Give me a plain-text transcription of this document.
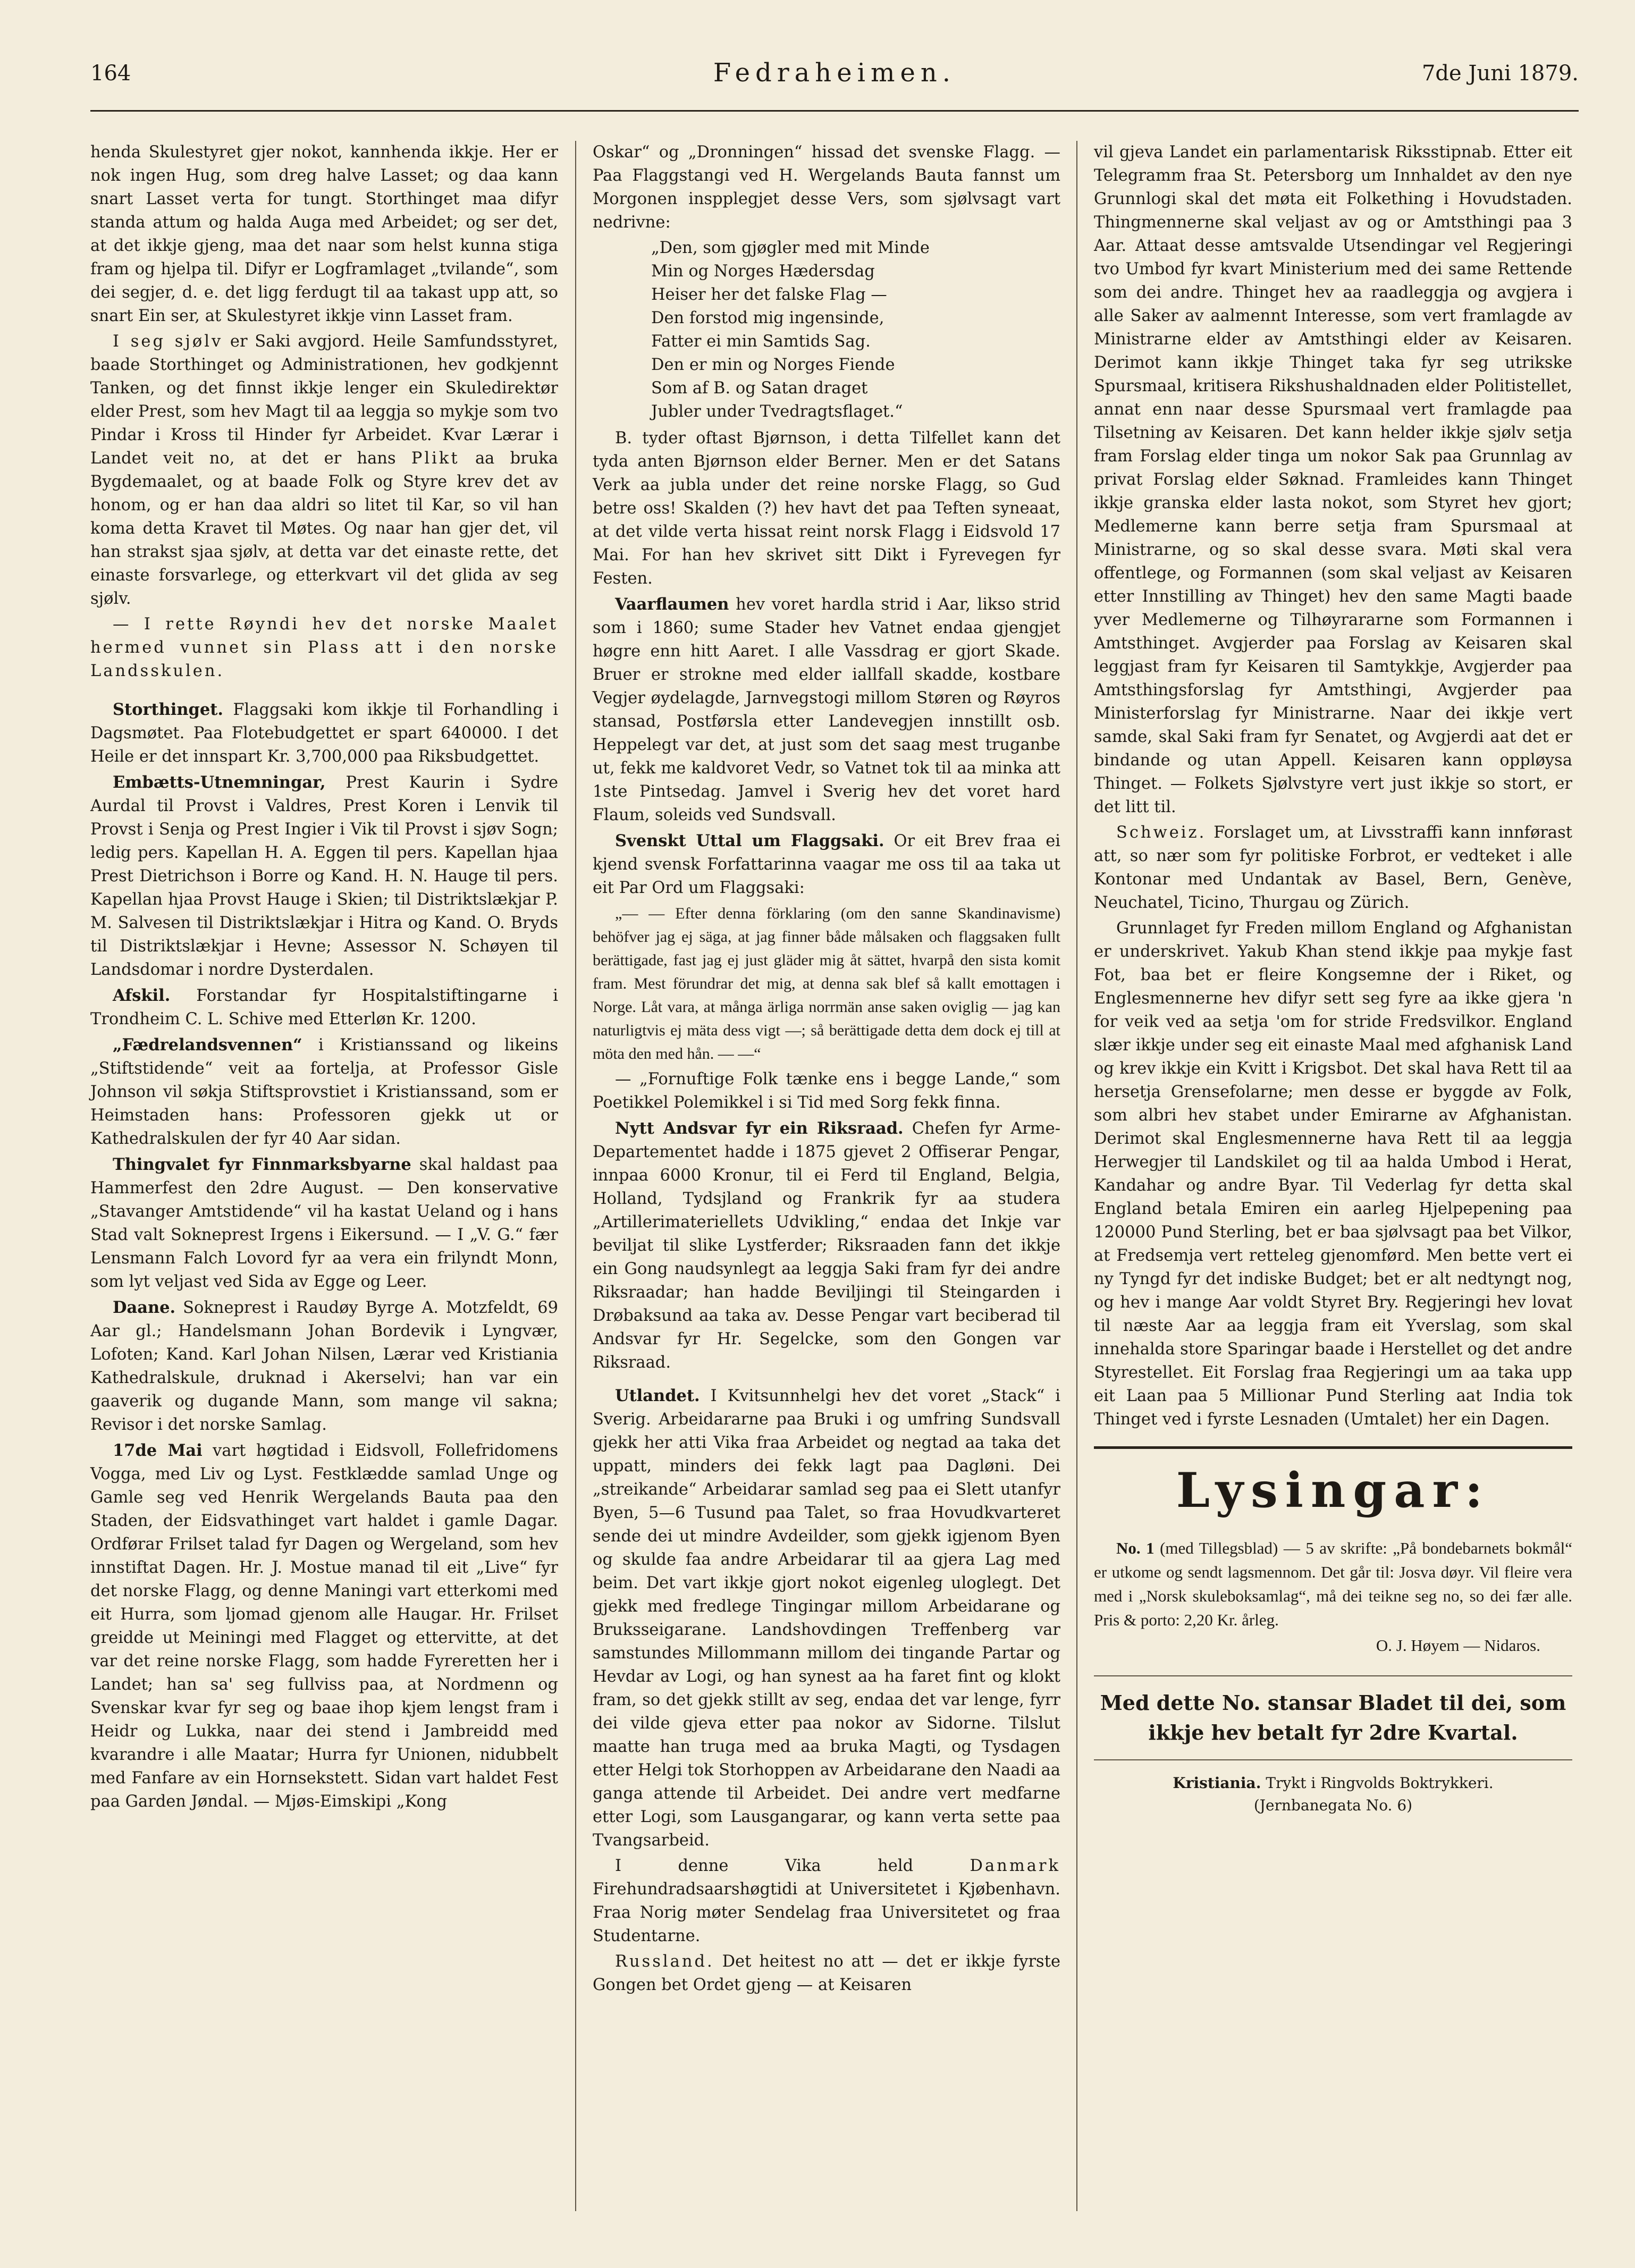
164	Fedraheimen.	7de Juni 1879.

henda Skulestyret gjer nokot, kannhenda ikkje. Her er nok ingen Hug, som dreg halve Lasset; og daa kann snart Lasset verta for tungt. Storthinget maa difyr standa attum og halda Auga med Arbeidet; og ser det, at det ikkje gjeng, maa det naar som helst kunna stiga fram og hjelpa til. Difyr er Logframlaget „tvilande“, som dei segjer, d. e. det ligg ferdugt til aa takast upp att, so snart Ein ser, at Skulestyret ikkje vinn Lasset fram.

I seg sjølv er Saki avgjord. Heile Samfundsstyret, baade Storthinget og Administrationen, hev godkjennt Tanken, og det finnst ikkje lenger ein Skuledirektør elder Prest, som hev Magt til aa leggja so mykje som tvo Pindar i Kross til Hinder fyr Arbeidet. Kvar Lærar i Landet veit no, at det er hans Plikt aa bruka Bygdemaalet, og at baade Folk og Styre krev det av honom, og er han daa aldri so litet til Kar, so vil han koma detta Kravet til Møtes. Og naar han gjer det, vil han strakst sjaa sjølv, at detta var det einaste rette, det einaste forsvarlege, og etterkvart vil det glida av seg sjølv.

— I rette Røyndi hev det norske Maalet hermed vunnet sin Plass att i den norske Landsskulen.

Storthinget. Flaggsaki kom ikkje til Forhandling i Dagsmøtet. Paa Flotebudgettet er spart 640000. I det Heile er det innspart Kr. 3,700,000 paa Riksbudgettet.

Embætts-Utnemningar, Prest Kaurin i Sydre Aurdal til Provst i Valdres, Prest Koren i Lenvik til Provst i Senja og Prest Ingier i Vik til Provst i sjøv Sogn; ledig pers. Kapellan H. A. Eggen til pers. Kapellan hjaa Prest Dietrichson i Borre og Kand. H. N. Hauge til pers. Kapellan hjaa Provst Hauge i Skien; til Distriktslækjar P. M. Salvesen til Distriktslækjar i Hitra og Kand. O. Bryds til Distriktslækjar i Hevne; Assessor N. Schøyen til Landsdomar i nordre Dysterdalen.

Afskil. Forstandar fyr Hospitalstiftingarne i Trondheim C. L. Schive med Etterløn Kr. 1200.

„Fædrelandsvennen“ i Kristianssand og likeins „Stiftstidende“ veit aa fortelja, at Professor Gisle Johnson vil søkja Stiftsprovstiet i Kristianssand, som er Heimstaden hans: Professoren gjekk ut or Kathedralskulen der fyr 40 Aar sidan.

Thingvalet fyr Finnmarksbyarne skal haldast paa Hammerfest den 2dre August. — Den konservative „Stavanger Amtstidende“ vil ha kastat Ueland og i hans Stad valt Sokneprest Irgens i Eikersund. — I „V. G.“ fær Lensmann Falch Lovord fyr aa vera ein frilyndt Monn, som lyt veljast ved Sida av Egge og Leer.

Daane. Sokneprest i Raudøy Byrge A. Motzfeldt, 69 Aar gl.; Handelsmann Johan Bordevik i Lyngvær, Lofoten; Kand. Karl Johan Nilsen, Lærar ved Kristiania Kathedralskule, druknad i Akerselvi; han var ein gaaverik og dugande Mann, som mange vil sakna; Revisor i det norske Samlag.

17de Mai vart høgtidad i Eidsvoll, Follefridomens Vogga, med Liv og Lyst. Festklædde samlad Unge og Gamle seg ved Henrik Wergelands Bauta paa den Staden, der Eidsvathinget vart haldet i gamle Dagar. Ordførar Frilset talad fyr Dagen og Wergeland, som hev innstiftat Dagen. Hr. J. Mostue manad til eit „Live“ fyr det norske Flagg, og denne Maningi vart etterkomi med eit Hurra, som ljomad gjenom alle Haugar. Hr. Frilset greidde ut Meiningi med Flagget og ettervitte, at det var det reine norske Flagg, som hadde Fyreretten her i Landet; han sa' seg fullviss paa, at Nordmenn og Svenskar kvar fyr seg og baae ihop kjem lengst fram i Heidr og Lukka, naar dei stend i Jambreidd med kvarandre i alle Maatar; Hurra fyr Unionen, nidubbelt med Fanfare av ein Hornsekstett. Sidan vart haldet Fest paa Garden Jøndal. — Mjøs-Eimskipi „Kong

Oskar“ og „Dronningen“ hissad det svenske Flagg. — Paa Flaggstangi ved H. Wergelands Bauta fannst um Morgonen inspplegjet desse Vers, som sjølvsagt vart nedrivne:

„Den, som gjøgler med mit Minde
Min og Norges Hædersdag
Heiser her det falske Flag —
Den forstod mig ingensinde,
Fatter ei min Samtids Sag.
Den er min og Norges Fiende
Som af B. og Satan draget
Jubler under Tvedragtsflaget.“

B. tyder oftast Bjørnson, i detta Tilfellet kann det tyda anten Bjørnson elder Berner. Men er det Satans Verk aa jubla under det reine norske Flagg, so Gud betre oss! Skalden (?) hev havt det paa Teften syneaat, at det vilde verta hissat reint norsk Flagg i Eidsvold 17 Mai. For han hev skrivet sitt Dikt i Fyrevegen fyr Festen.

Vaarflaumen hev voret hardla strid i Aar, likso strid som i 1860; sume Stader hev Vatnet endaa gjengjet høgre enn hitt Aaret. I alle Vassdrag er gjort Skade. Bruer er strokne med elder iallfall skadde, kostbare Vegjer øydelagde, Jarnvegstogi millom Støren og Røyros stansad, Postførsla etter Landevegjen innstillt osb. Heppelegt var det, at just som det saag mest truganbe ut, fekk me kaldvoret Vedr, so Vatnet tok til aa minka att 1ste Pintsedag. Jamvel i Sverig hev det voret hard Flaum, soleids ved Sundsvall.

Svenskt Uttal um Flaggsaki. Or eit Brev fraa ei kjend svensk Forfattarinna vaagar me oss til aa taka ut eit Par Ord um Flaggsaki:

„— — Efter denna förklaring (om den sanne Skandinavisme) behöfver jag ej säga, at jag finner både målsaken och flaggsaken fullt berättigade, fast jag ej just gläder mig åt sättet, hvarpå den sista komit fram. Mest förundrar det mig, at denna sak blef så kallt emottagen i Norge. Låt vara, at många ärliga norrmän anse saken oviglig — jag kan naturligtvis ej mäta dess vigt —; så berättigade detta dem dock ej till at möta den med hån. — —“

— „Fornuftige Folk tænke ens i begge Lande,“ som Poetikkel Polemikkel i si Tid med Sorg fekk finna.

Nytt Andsvar fyr ein Riksraad. Chefen fyr Arme-Departementet hadde i 1875 gjevet 2 Offiserar Pengar, innpaa 6000 Kronur, til ei Ferd til England, Belgia, Holland, Tydsjland og Frankrik fyr aa studera „Artillerimateriellets Udvikling,“ endaa det Inkje var beviljat til slike Lystferder; Riksraaden fann det ikkje ein Gong naudsynlegt aa leggja Saki fram fyr dei andre Riksraadar; han hadde Beviljingi til Steingarden i Drøbaksund aa taka av. Desse Pengar vart beciberad til Andsvar fyr Hr. Segelcke, som den Gongen var Riksraad.

Utlandet. I Kvitsunnhelgi hev det voret „Stack“ i Sverig. Arbeidararne paa Bruki i og umfring Sundsvall gjekk her atti Vika fraa Arbeidet og negtad aa taka det uppatt, minders dei fekk lagt paa Dagløni. Dei „streikande“ Arbeidarar samlad seg paa ei Slett utanfyr Byen, 5—6 Tusund paa Talet, so fraa Hovudkvarteret sende dei ut mindre Avdeilder, som gjekk igjenom Byen og skulde faa andre Arbeidarar til aa gjera Lag med beim. Det vart ikkje gjort nokot eigenleg uloglegt. Det gjekk med fredlege Tingingar millom Arbeidarane og Bruksseigarane. Landshovdingen Treffenberg var samstundes Millommann millom dei tingande Partar og Hevdar av Logi, og han synest aa ha faret fint og klokt fram, so det gjekk stillt av seg, endaa det var lenge, fyrr dei vilde gjeva etter paa nokor av Sidorne. Tilslut maatte han truga med aa bruka Magti, og Tysdagen etter Helgi tok Storhoppen av Arbeidarane den Naadi aa ganga attende til Arbeidet. Dei andre vert medfarne etter Logi, som Lausgangarar, og kann verta sette paa Tvangsarbeid.

I denne Vika held Danmark Firehundradsaarshøgtidi at Universitetet i Kjøbenhavn. Fraa Norig møter Sendelag fraa Universitetet og fraa Studentarne.

Russland. Det heitest no att — det er ikkje fyrste Gongen bet Ordet gjeng — at Keisaren

vil gjeva Landet ein parlamentarisk Riksstipnab. Etter eit Telegramm fraa St. Petersborg um Innhaldet av den nye Grunnlogi skal det møta eit Folkething i Hovudstaden. Thingmennerne skal veljast av og or Amtsthingi paa 3 Aar. Attaat desse amtsvalde Utsendingar vel Regjeringi tvo Umbod fyr kvart Ministerium med dei same Rettende som dei andre. Thinget hev aa raadleggja og avgjera i alle Saker av aalmennt Interesse, som vert framlagde av Ministrarne elder av Amtsthingi elder av Keisaren. Derimot kann ikkje Thinget taka fyr seg utrikske Spursmaal, kritisera Rikshushaldnaden elder Politistellet, annat enn naar desse Spursmaal vert framlagde paa Tilsetning av Keisaren. Det kann helder ikkje sjølv setja fram Forslag elder tinga um nokor Sak paa Grunnlag av privat Forslag elder Søknad. Framleides kann Thinget ikkje granska elder lasta nokot, som Styret hev gjort; Medlemerne kann berre setja fram Spursmaal at Ministrarne, og so skal desse svara. Møti skal vera offentlege, og Formannen (som skal veljast av Keisaren etter Innstilling av Thinget) hev den same Magti baade yver Medlemerne og Tilhøyrararne som Formannen i Amtsthinget. Avgjerder paa Forslag av Keisaren skal leggjast fram fyr Keisaren til Samtykkje, Avgjerder paa Amtsthingsforslag fyr Amtsthingi, Avgjerder paa Ministerforslag fyr Ministrarne. Naar dei ikkje vert samde, skal Saki fram fyr Senatet, og Avgjerdi aat det er bindande og utan Appell. Keisaren kann oppløysa Thinget. — Folkets Sjølvstyre vert just ikkje so stort, er det litt til.

Schweiz. Forslaget um, at Livsstraffi kann innførast att, so nær som fyr politiske Forbrot, er vedteket i alle Kontonar med Undantak av Basel, Bern, Genève, Neuchatel, Ticino, Thurgau og Zürich.

Grunnlaget fyr Freden millom England og Afghanistan er underskrivet. Yakub Khan stend ikkje paa mykje fast Fot, baa bet er fleire Kongsemne der i Riket, og Englesmennerne hev difyr sett seg fyre aa ikke gjera 'n for veik ved aa setja 'om for stride Fredsvilkor. England slær ikkje under seg eit einaste Maal med afghanisk Land og krev ikkje ein Kvitt i Krigsbot. Det skal hava Rett til aa hersetja Grensefolarne; men desse er byggde av Folk, som albri hev stabet under Emirarne av Afghanistan. Derimot skal Englesmennerne hava Rett til aa leggja Herwegjer til Landskilet og til aa halda Umbod i Herat, Kandahar og andre Byar. Til Vederlag fyr detta skal England betala Emiren ein aarleg Hjelpepening paa 120000 Pund Sterling, bet er baa sjølvsagt paa bet Vilkor, at Fredsemja vert retteleg gjenomførd. Men bette vert ei ny Tyngd fyr det indiske Budget; bet er alt nedtyngt nog, og hev i mange Aar voldt Styret Bry. Regjeringi hev lovat til næste Aar aa leggja fram eit Yverslag, som skal innehalda store Sparingar baade i Herstellet og det andre Styrestellet. Eit Forslag fraa Regjeringi um aa taka upp eit Laan paa 5 Millionar Pund Sterling aat India tok Thinget ved i fyrste Lesnaden (Umtalet) her ein Dagen.

Lysingar:

No. 1 (med Tillegsblad) — 5 av skrifte: „På bondebarnets bokmål“ er utkome og sendt lagsmennom. Det går til: Josva døyr. Vil fleire vera med i „Norsk skuleboksamlag“, må dei teikne seg no, so dei fær alle. Pris & porto: 2,20 Kr. årleg.

O. J. Høyem — Nidaros.
Med dette No. stansar Bladet til dei, som ikkje hev betalt fyr 2dre Kvartal.
Kristiania. Trykt i Ringvolds Boktrykkeri.
(Jernbanegata No. 6)
